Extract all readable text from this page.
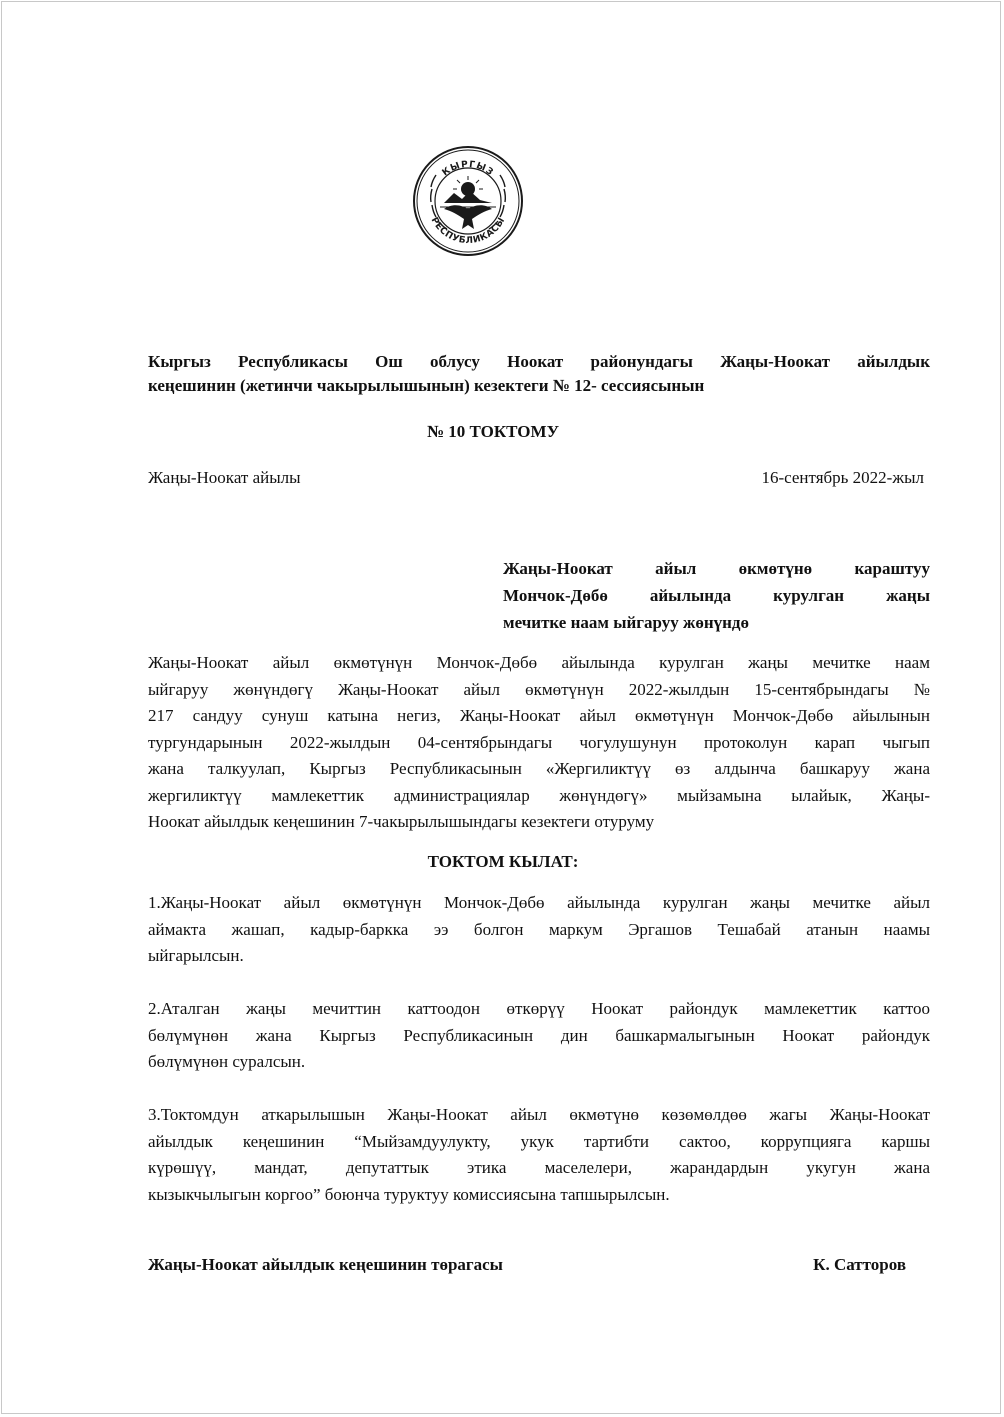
КЫРГЫЗ
РЕСПУБЛИКАСЫ
Кыргыз Республикасы Ош облусу Ноокат районундагы Жаңы-Ноокат айылдык
кеңешинин (жетинчи чакырылышынын) кезектеги № 12- сессиясынын
№ 10 ТОКТОМУ
Жаңы-Ноокат айылы	16-сентябрь 2022-жыл
Жаңы-Ноокат айыл өкмөтүнө караштуу
Мончок-Дөбө айылында курулган жаңы
мечитке наам ыйгаруу жөнүндө
Жаңы-Ноокат айыл өкмөтүнүн Мончок-Дөбө айылында курулган жаңы мечитке наам
ыйгаруу жөнүндөгү Жаңы-Ноокат айыл өкмөтүнүн 2022-жылдын 15-сентябрындагы №
217 сандуу сунуш катына негиз, Жаңы-Ноокат айыл өкмөтүнүн Мончок-Дөбө айылынын
тургундарынын 2022-жылдын 04-сентябрындагы чогулушунун протоколун карап чыгып
жана талкуулап, Кыргыз Республикасынын «Жергиликтүү өз алдынча башкаруу жана
жергиликтүү мамлекеттик администрациялар жөнүндөгү» мыйзамына ылайык, Жаңы-
Ноокат айылдык кеңешинин 7-чакырылышындагы кезектеги отуруму
ТОКТОМ КЫЛАТ:
1.Жаңы-Ноокат айыл өкмөтүнүн Мончок-Дөбө айылында курулган жаңы мечитке айыл
аймакта жашап, кадыр-баркка ээ болгон маркум Эргашов Тешабай атанын наамы
ыйгарылсын.
2.Аталган жаңы мечиттин каттоодон өткөрүү Ноокат райондук мамлекеттик каттоо
бөлүмүнөн жана Кыргыз Республикасинын дин башкармалыгынын Ноокат райондук
бөлүмүнөн суралсын.
3.Токтомдун аткарылышын Жаңы-Ноокат айыл өкмөтүнө көзөмөлдөө жагы Жаңы-Ноокат
айылдык кеңешинин “Мыйзамдуулукту, укук тартибти сактоо, коррупцияга каршы
күрөшүү, мандат, депутаттык этика маселелери, жарандардын укугун жана
кызыкчылыгын коргоо” боюнча туруктуу комиссиясына тапшырылсын.
Жаңы-Ноокат айылдык кеңешинин төрагасы	К. Сатторов
